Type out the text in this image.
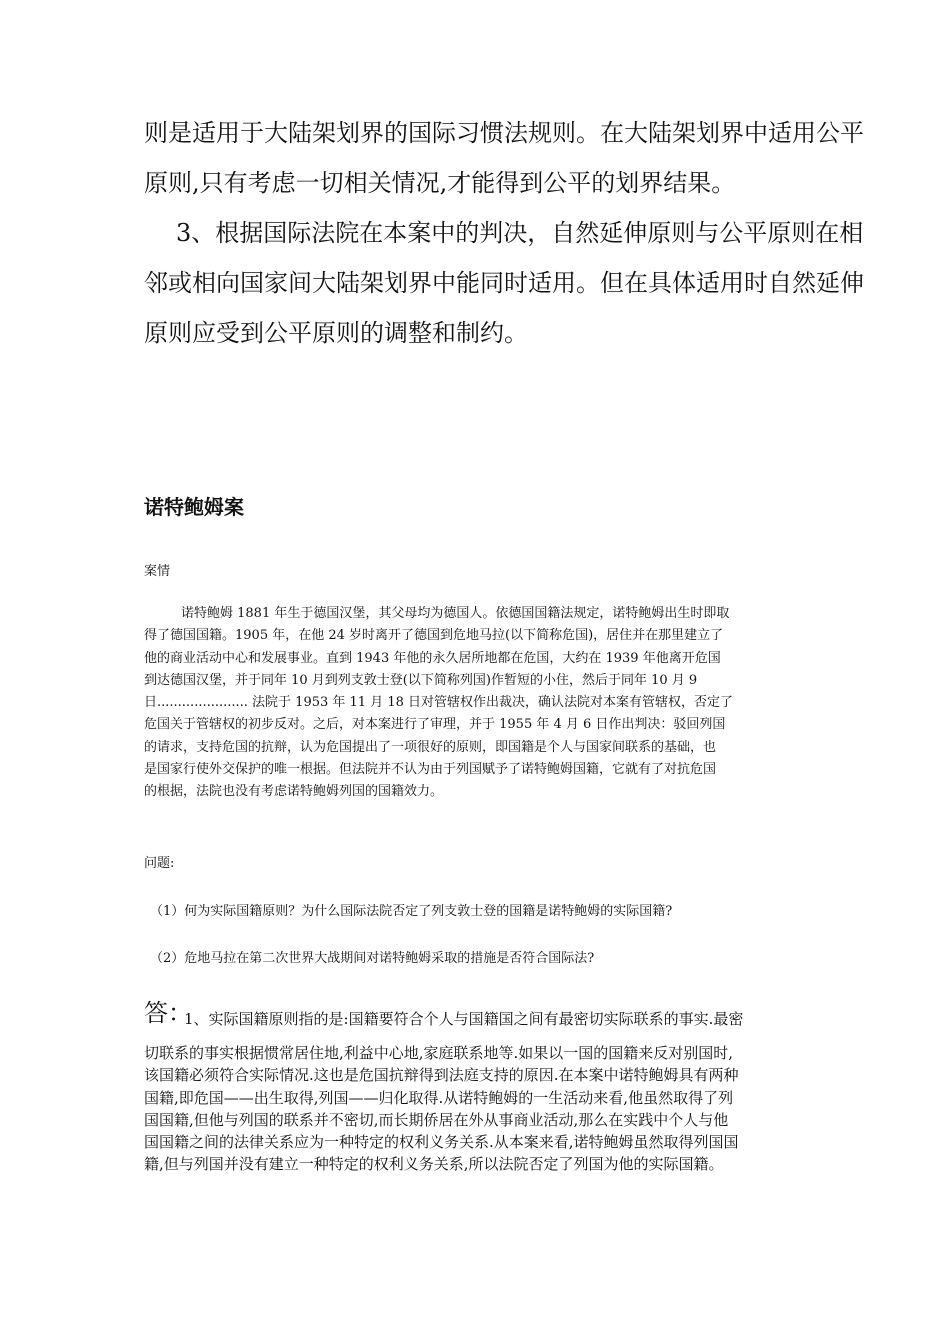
则是适用于大陆架划界的国际习惯法规则。在大陆架划界中适用公平
原则,只有考虑一切相关情况,才能得到公平的划界结果。
3、根据国际法院在本案中的判决，自然延伸原则与公平原则在相
邻或相向国家间大陆架划界中能同时适用。但在具体适用时自然延伸
原则应受到公平原则的调整和制约。
诺特鲍姆案
案情
诺特鲍姆 1881 年生于德国汉堡，其父母均为德国人。依德国国籍法规定，诺特鲍姆出生时即取
得了德国国籍。1905 年，在他 24 岁时离开了德国到危地马拉(以下简称危国)，居住并在那里建立了
他的商业活动中心和发展事业。直到 1943 年他的永久居所地都在危国，大约在 1939 年他离开危国
到达德国汉堡，并于同年 10 月到列支敦士登(以下简称列国)作暂短的小住，然后于同年 10 月 9
日...................... 法院于 1953 年 11 月 18 日对管辖权作出裁决，确认法院对本案有管辖权，否定了
危国关于管辖权的初步反对。之后，对本案进行了审理，并于 1955 年 4 月 6 日作出判决：驳回列国
的请求，支持危国的抗辩，认为危国提出了一项很好的原则，即国籍是个人与国家间联系的基础，也
是国家行使外交保护的唯一根据。但法院并不认为由于列国赋予了诺特鲍姆国籍，它就有了对抗危国
的根据，法院也没有考虑诺特鲍姆列国的国籍效力。
问题:
（1）何为实际国籍原则？为什么国际法院否定了列支敦士登的国籍是诺特鲍姆的实际国籍?
（2）危地马拉在第二次世界大战期间对诺特鲍姆采取的措施是否符合国际法?
答：
1、实际国籍原则指的是:国籍要符合个人与国籍国之间有最密切实际联系的事实.最密
切联系的事实根据惯常居住地,利益中心地,家庭联系地等.如果以一国的国籍来反对别国时,
该国籍必须符合实际情况.这也是危国抗辩得到法庭支持的原因.在本案中诺特鲍姆具有两种
国籍,即危国——出生取得,列国——归化取得.从诺特鲍姆的一生活动来看,他虽然取得了列
国国籍,但他与列国的联系并不密切,而长期侨居在外从事商业活动,那么在实践中个人与他
国国籍之间的法律关系应为一种特定的权利义务关系.从本案来看,诺特鲍姆虽然取得列国国
籍,但与列国并没有建立一种特定的权利义务关系,所以法院否定了列国为他的实际国籍。
